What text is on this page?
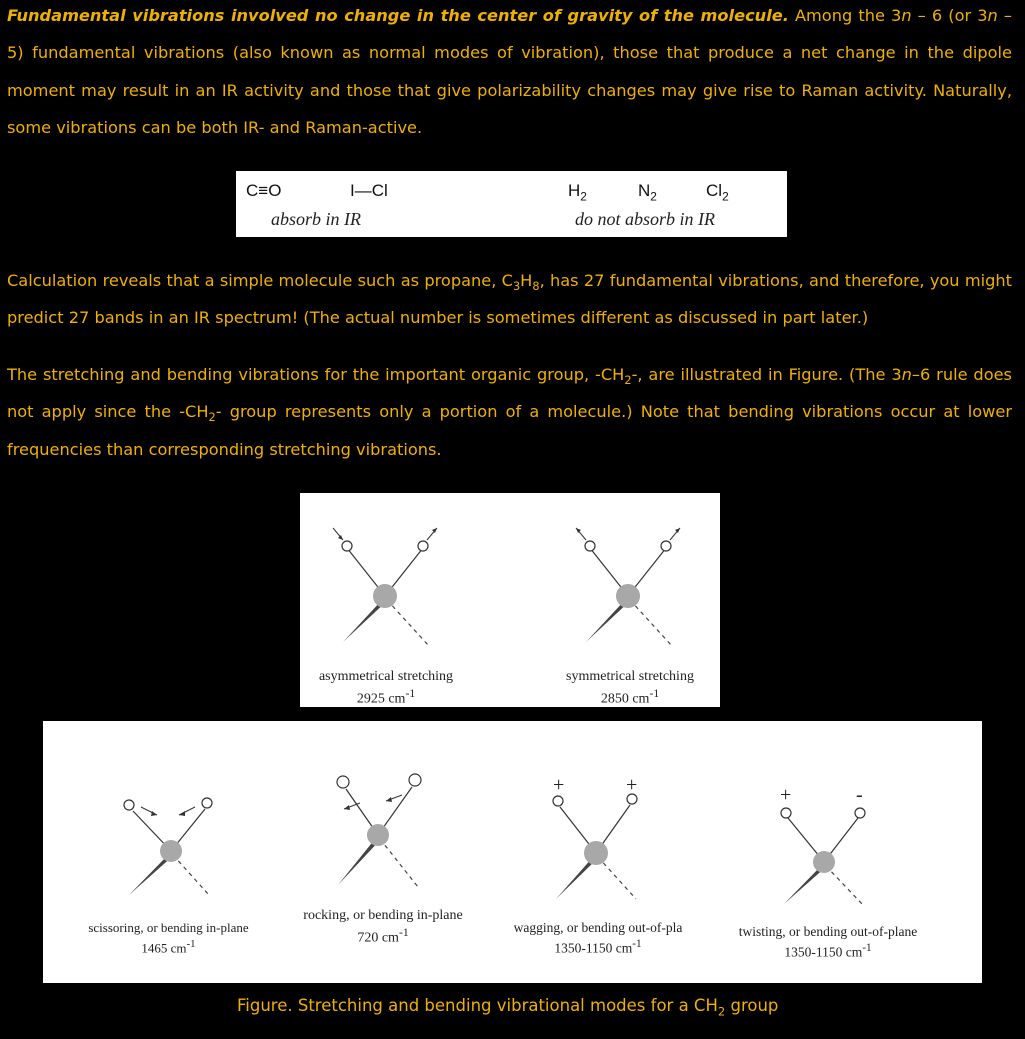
Fundamental vibrations involved no change in the center of gravity of the molecule. Among the 3n – 6 (or 3n – 5) fundamental vibrations (also known as normal modes of vibration), those that produce a net change in the dipole moment may result in an IR activity and those that give polarizability changes may give rise to Raman activity. Naturally, some vibrations can be both IR- and Raman-active.

C≡O	I—Cl
absorb in IR
$H_2$	$N_2$	$Cl_2$
do not absorb in IR

Calculation reveals that a simple molecule such as propane, $C_3H_8$, has 27 fundamental vibrations, and therefore, you might predict 27 bands in an IR spectrum! (The actual number is sometimes different as discussed in part later.)

The stretching and bending vibrations for the important organic group, $-CH_2-$, are illustrated in Figure. (The 3n–6 rule does not apply since the $-CH_2-$ group represents only a portion of a molecule.) Note that bending vibrations occur at lower frequencies than corresponding stretching vibrations.

asymmetrical stretching
2925 $cm^{-1}$
symmetrical stretching
2850 $cm^{-1}$
+	+	+	-
scissoring, or bending in-plane
1465 $cm^{-1}$
rocking, or bending in-plane
720 $cm^{-1}$	wagging, or bending out-of-pla
1350-1150 $cm^{-1}$
twisting, or bending out-of-plane
1350-1150 $cm^{-1}$
Figure. Stretching and bending vibrational modes for a $CH_2$ group
